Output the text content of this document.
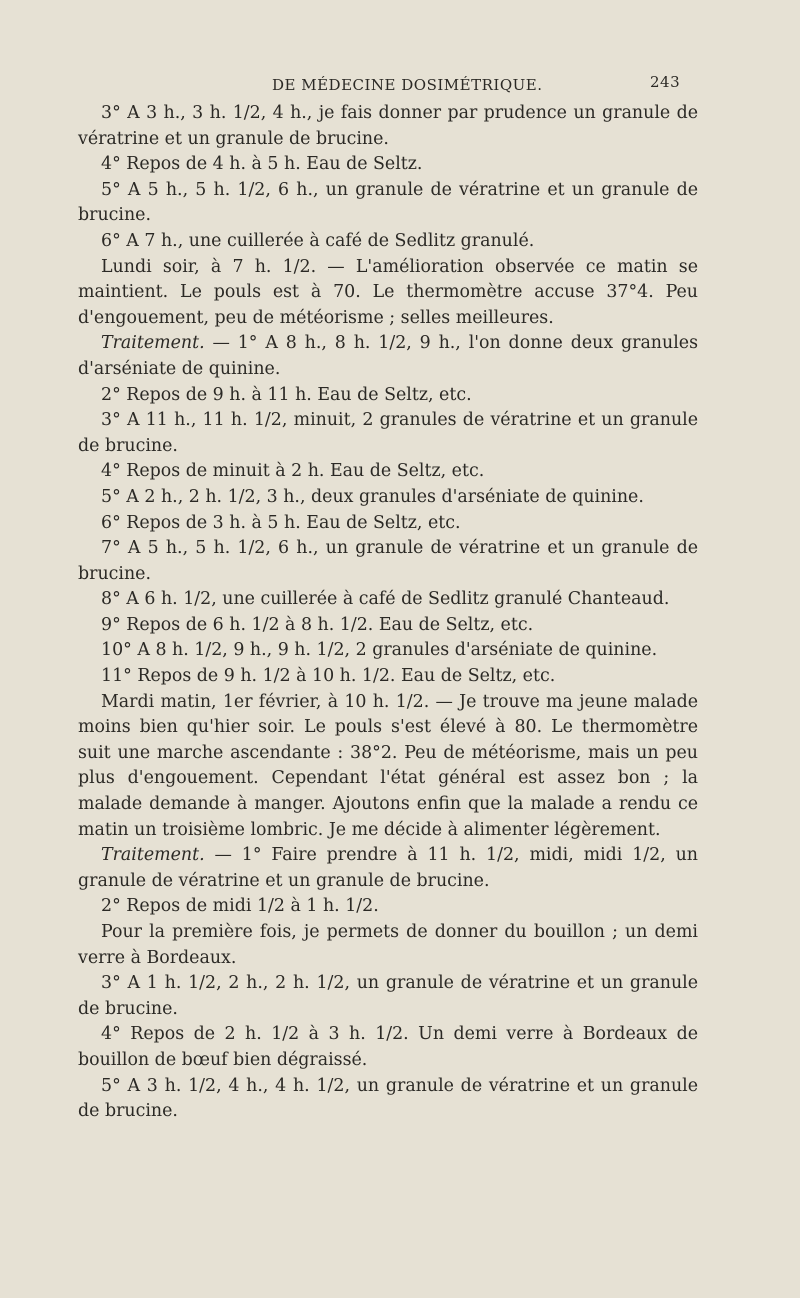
DE MÉDECINE DOSIMÉTRIQUE.	243

3° A 3 h., 3 h. 1/2, 4 h., je fais donner par prudence un granule de vératrine et un granule de brucine.

4° Repos de 4 h. à 5 h. Eau de Seltz.

5° A 5 h., 5 h. 1/2, 6 h., un granule de vératrine et un granule de brucine.

6° A 7 h., une cuillerée à café de Sedlitz granulé.

Lundi soir, à 7 h. 1/2. — L'amélioration observée ce matin se maintient. Le pouls est à 70. Le thermomètre accuse 37°4. Peu d'engouement, peu de météorisme ; selles meilleures.

Traitement. — 1° A 8 h., 8 h. 1/2, 9 h., l'on donne deux granules d'arséniate de quinine.

2° Repos de 9 h. à 11 h. Eau de Seltz, etc.

3° A 11 h., 11 h. 1/2, minuit, 2 granules de vératrine et un granule de brucine.

4° Repos de minuit à 2 h. Eau de Seltz, etc.

5° A 2 h., 2 h. 1/2, 3 h., deux granules d'arséniate de quinine.

6° Repos de 3 h. à 5 h. Eau de Seltz, etc.

7° A 5 h., 5 h. 1/2, 6 h., un granule de vératrine et un granule de brucine.

8° A 6 h. 1/2, une cuillerée à café de Sedlitz granulé Chanteaud.

9° Repos de 6 h. 1/2 à 8 h. 1/2. Eau de Seltz, etc.

10° A 8 h. 1/2, 9 h., 9 h. 1/2, 2 granules d'arséniate de quinine.

11° Repos de 9 h. 1/2 à 10 h. 1/2. Eau de Seltz, etc.

Mardi matin, 1er février, à 10 h. 1/2. — Je trouve ma jeune malade moins bien qu'hier soir. Le pouls s'est élevé à 80. Le thermomètre suit une marche ascendante : 38°2. Peu de météorisme, mais un peu plus d'engouement. Cependant l'état général est assez bon ; la malade demande à manger. Ajoutons enfin que la malade a rendu ce matin un troisième lombric. Je me décide à alimenter légèrement.

Traitement. — 1° Faire prendre à 11 h. 1/2, midi, midi 1/2, un granule de vératrine et un granule de brucine.

2° Repos de midi 1/2 à 1 h. 1/2.

Pour la première fois, je permets de donner du bouillon ; un demi verre à Bordeaux.

3° A 1 h. 1/2, 2 h., 2 h. 1/2, un granule de vératrine et un granule de brucine.

4° Repos de 2 h. 1/2 à 3 h. 1/2. Un demi verre à Bordeaux de bouillon de bœuf bien dégraissé.

5° A 3 h. 1/2, 4 h., 4 h. 1/2, un granule de vératrine et un granule de brucine.
